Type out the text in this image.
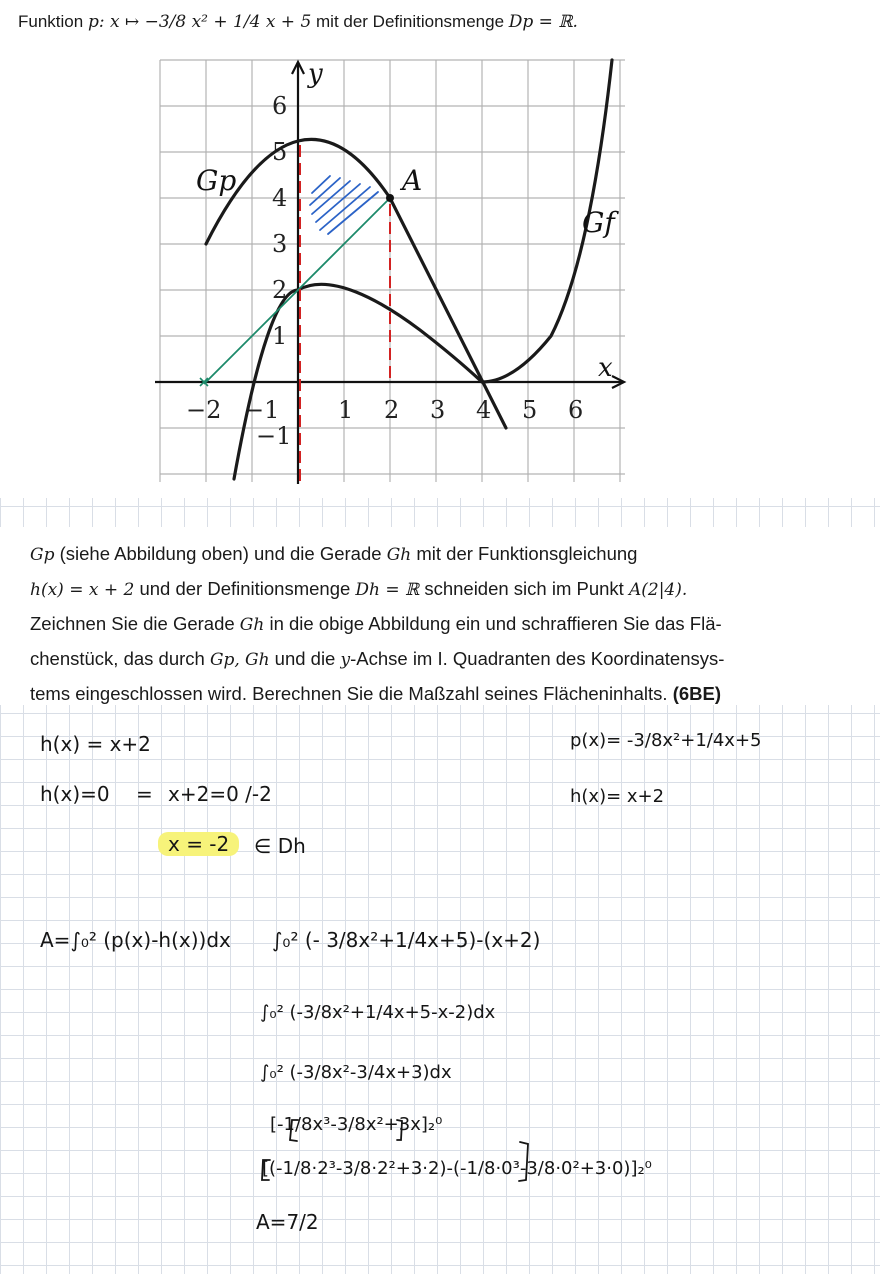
Funktion p: x ↦ −3/8 x² + 1/4 x + 5 mit der Definitionsmenge Dp = ℝ.
y
x
−2 −1 1 2 3 4 5 6
6
5
4
3
2
1
−1
Gp
Gf
A

Gp (siehe Abbildung oben) und die Gerade Gh mit der Funktionsgleichung

h(x) = x + 2 und der Definitionsmenge Dh = ℝ schneiden sich im Punkt A(2|4).

Zeichnen Sie die Gerade Gh in die obige Abbildung ein und schraffieren Sie das Flä-

chenstück, das durch Gp, Gh und die y-Achse im I. Quadranten des Koordinatensys-

tems eingeschlossen wird. Berechnen Sie die Maßzahl seines Flächeninhalts. (6BE)

h(x) = x+2
h(x)=0 = x+2=0 /-2
x = -2	∈ Dh
p(x)= -3/8x²+1/4x+5
h(x)= x+2
A=∫₀² (p(x)-h(x))dx ∫₀² (- 3/8x²+1/4x+5)-(x+2)
∫₀² (-3/8x²+1/4x+5-x-2)dx
∫₀² (-3/8x²-3/4x+3)dx
[-1/8x³-3/8x²+3x]₂⁰
[(-1/8·2³-3/8·2²+3·2)-(-1/8·0³-3/8·0²+3·0)]₂⁰
A=7/2
